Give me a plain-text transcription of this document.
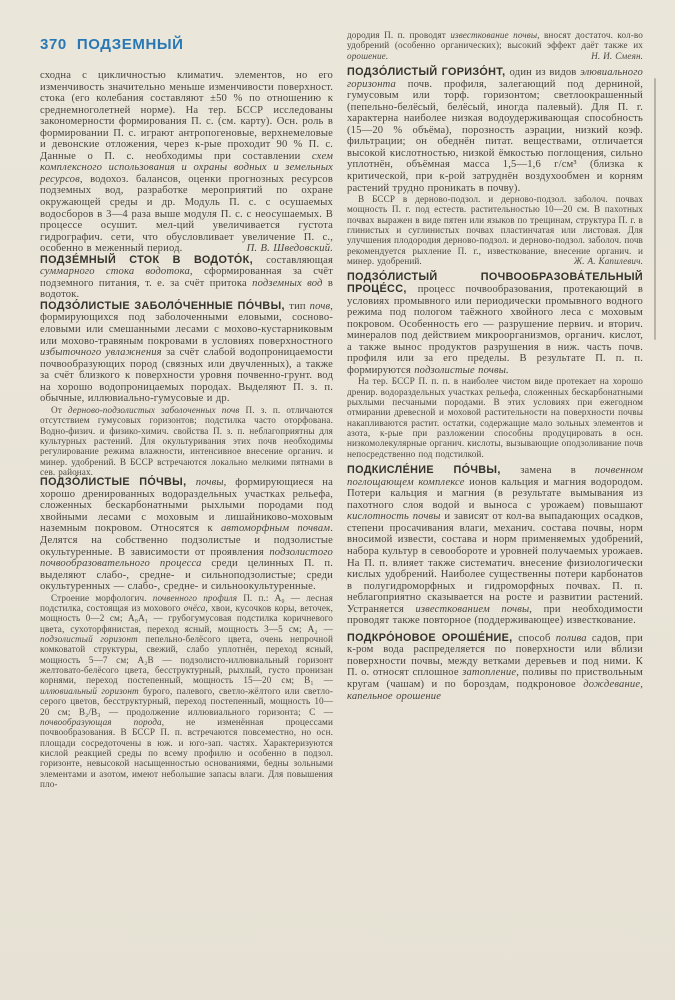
370 ПОДЗЕМНЫЙ

сходна с цикличностью климатич. элементов, но его изменчивость значительно меньше изменчивости поверхност. стока (его колебания составляют ±50 % по отношению к среднемноголетней норме). На тер. БССР исследованы закономерности формирования П. с. (см. карту). Осн. роль в формировании П. с. играют антропогеновые, верхнемеловые и девонские отложения, через к-рые проходит 90 % П. с. Данные о П. с. необходимы при составлении схем комплексного использования и охраны водных и земельных ресурсов, водохоз. балансов, оценки прогнозных ресурсов подземных вод, разработке мероприятий по охране окружающей среды и др. Модуль П. с. с осушаемых водосборов в 3—4 раза выше модуля П. с. с неосушаемых. В процессе осушит. мел-ций увеличивается густота гидрографич. сети, что обусловливает увеличение П. с., особенно в меженный период.	П. В. Шведовский.

ПОДЗЕ́МНЫЙ СТОК В ВОДОТО́К, составляющая суммарного стока водотока, сформированная за счёт подземного питания, т. е. за счёт притока подземных вод в водоток.

ПОДЗО́ЛИСТЫЕ ЗАБОЛО́ЧЕННЫЕ ПО́ЧВЫ, тип почв, формирующихся под заболоченными еловыми, сосново-еловыми или смешанными лесами с мохово-кустарниковым или мохово-травяным покровами в условиях поверхностного избыточного увлажнения за счёт слабой водопроницаемости почвообразующих пород (связных или двучленных), а также за счёт близкого к поверхности уровня почвенно-грунт. вод на хорошо водопроницаемых породах. Выделяют П. з. п. обычные, иллювиально-гумусовые и др.

От дерново-подзолистых заболоченных почв П. з. п. отличаются отсутствием гумусовых горизонтов; подстилка часто оторфована. Водно-физич. и физико-химич. свойства П. з. п. неблагоприятны для культурных растений. Для окультуривания этих почв необходимы регулирование режима влажности, интенсивное внесение органич. и минер. удобрений. В БССР встречаются локально мелкими пятнами в сев. районах.

ПОДЗО́ЛИСТЫЕ ПО́ЧВЫ, почвы, формирующиеся на хорошо дренированных водораздельных участках рельефа, сложенных бескарбонатными рыхлыми породами под хвойными лесами с моховым и лишайниково-моховым наземным покровом. Относятся к автоморфным почвам. Делятся на собственно подзолистые и подзолистые окультуренные. В зависимости от проявления подзолистого почвообразовательного процесса среди целинных П. п. выделяют слабо-, средне- и сильноподзолистые; среди окультуренных — слабо-, средне- и сильноокультуренные.

Строение морфологич. почвенного профиля П. п.: А₀ — лесная подстилка, состоящая из мохового очёса, хвои, кусочков коры, веточек, мощность 0—2 см; А₀А₁ — грубогумусовая подстилка коричневого цвета, сухоторфянистая, переход ясный, мощность 3—5 см; А₂ — подзолистый горизонт пепельно-белёсого цвета, очень непрочной комковатой структуры, свежий, слабо уплотнён, переход ясный, мощность 5—7 см; А₂В — подзолисто-иллювиальный горизонт желтовато-белёсого цвета, бесструктурный, рыхлый, густо пронизан корнями, переход постепенный, мощность 15—20 см; В₁ — иллювиальный горизонт бурого, палевого, светло-жёлтого или светло-серого цветов, бесструктурный, переход постепенный, мощность 10—20 см; В₂/В₃ — продолжение иллювиального горизонта; С — почвообразующая порода, не изменённая процессами почвообразования. В БССР П. п. встречаются повсеместно, но осн. площади сосредоточены в юж. и юго-зап. частях. Характеризуются кислой реакцией среды по всему профилю и особенно в подзол. горизонте, невысокой насыщенностью основаниями, бедны зольными элементами и азотом, имеют небольшие запасы влаги. Для повышения пло-

дородия П. п. проводят известкование почвы, вносят достаточ. кол-во удобрений (особенно органических); высокий эффект даёт также их орошение.	Н. И. Смеян.

ПОДЗО́ЛИСТЫЙ ГОРИЗО́НТ, один из видов элювиального горизонта почв. профиля, залегающий под дерниной, гумусовым или торф. горизонтом; светлоокрашенный (пепельно-белёсый, белёсый, иногда палевый). Для П. г. характерна наиболее низкая водоудерживающая способность (15—20 % объёма), порозность аэрации, низкий коэф. фильтрации; он обеднён питат. веществами, отличается высокой кислотностью, низкой ёмкостью поглощения, сильно уплотнён, объёмная масса 1,5—1,6 г/см³ (близка к критической, при к-рой затруднён воздухообмен и корням растений трудно проникать в почву).

В БССР в дерново-подзол. и дерново-подзол. заболоч. почвах мощность П. г. под естеств. растительностью 10—20 см. В пахотных почвах выражен в виде пятен или языков по трещинам, структура П. г. в глинистых и суглинистых почвах пластинчатая или листовая. Для улучшения плодородия дерново-подзол. и дерново-подзол. заболоч. почв рекомендуется рыхление П. г., известкование, внесение органич. и минер. удобрений.	Ж. А. Капилевич.

ПОДЗО́ЛИСТЫЙ ПОЧВООБРАЗОВА́ТЕЛЬНЫЙ ПРОЦЕ́СС, процесс почвообразования, протекающий в условиях промывного или периодически промывного водного режима под пологом таёжного хвойного леса с моховым покровом. Особенность его — разрушение первич. и вторич. минералов под действием микроорганизмов, органич. кислот, а также вынос продуктов разрушения в ниж. часть почв. профиля или за его пределы. В результате П. п. п. формируются подзолистые почвы.

На тер. БССР П. п. п. в наиболее чистом виде протекает на хорошо дренир. водораздельных участках рельефа, сложенных бескарбонатными рыхлыми песчаными породами. В этих условиях при ежегодном отмирании древесной и моховой растительности на поверхности почвы накапливаются растит. остатки, содержащие мало зольных элементов и азота, к-рые при разложении способны продуцировать в осн. низкомолекулярные органич. кислоты, вызывающие оподзоливание почв непосредственно под подстилкой.

ПОДКИСЛЕ́НИЕ ПО́ЧВЫ, замена в почвенном поглощающем комплексе ионов кальция и магния водородом. Потери кальция и магния (в результате вымывания из пахотного слоя водой и выноса с урожаем) повышают кислотность почвы и зависят от кол-ва выпадающих осадков, степени просачивания влаги, механич. состава почвы, норм вносимой извести, состава и норм применяемых удобрений, набора культур в севообороте и уровней получаемых урожаев. На П. п. влияет также систематич. внесение физиологически кислых удобрений. Наиболее существенны потери карбонатов в полугидроморфных и гидроморфных почвах. П. п. неблагоприятно сказывается на росте и развитии растений. Устраняется известкованием почвы, при необходимости проводят также повторное (поддерживающее) известкование.

ПОДКРО́НОВОЕ ОРОШЕ́НИЕ, способ полива садов, при к-ром вода распределяется по поверхности или вблизи поверхности почвы, между ветками деревьев и под ними. К П. о. относят сплошное затопление, поливы по приствольным кругам (чашам) и по бороздам, подкроновое дождевание, капельное орошение
